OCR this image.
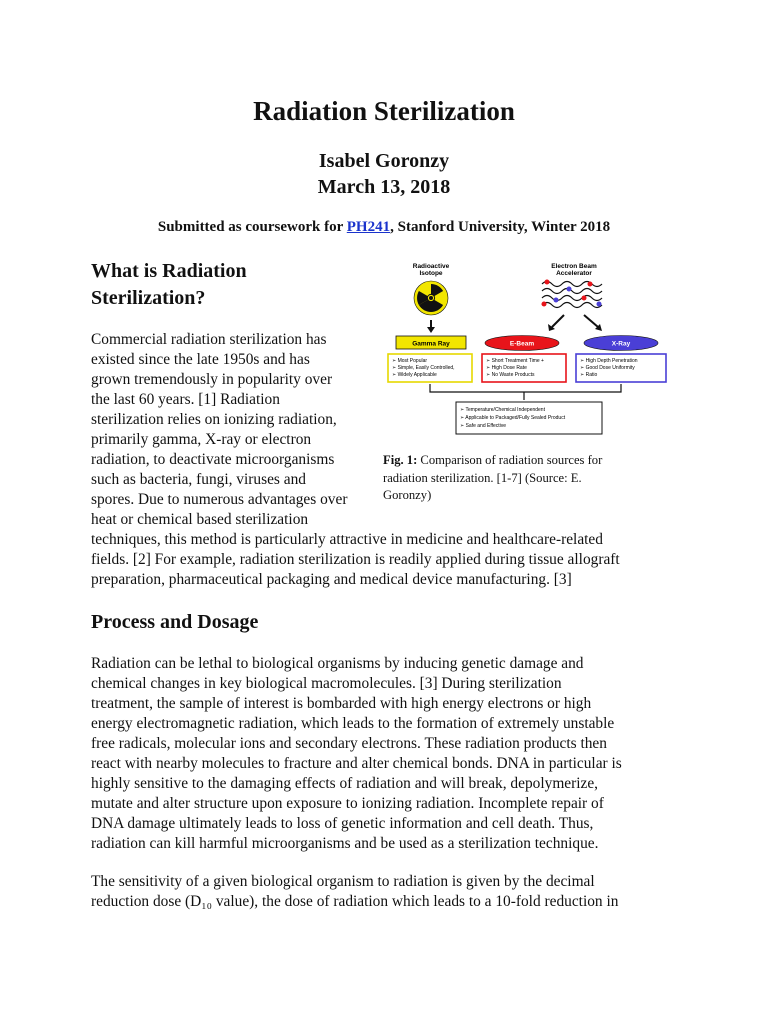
Radiation Sterilization
Isabel Goronzy
March 13, 2018
Submitted as coursework for PH241, Stanford University, Winter 2018
What is Radiation
Sterilization?
Commercial radiation sterilization has
existed since the late 1950s and has
grown tremendously in popularity over
the last 60 years. [1] Radiation
sterilization relies on ionizing radiation,
primarily gamma, X-ray or electron
radiation, to deactivate microorganisms
such as bacteria, fungi, viruses and
spores. Due to numerous advantages over
heat or chemical based sterilization
techniques, this method is particularly attractive in medicine and healthcare-related
fields. [2] For example, radiation sterilization is readily applied during tissue allograft
preparation, pharmaceutical packaging and medical device manufacturing. [3]
Radioactive
Isotope
Electron Beam
Accelerator
Gamma Ray
➢ Most Popular
➢ Simple, Easily Controlled,
➢ Widely Applicable
E-Beam
➢ Short Treatment Time +
➢ High Dose Rate
➢ No Waste Products
X-Ray
➢ High Depth Penetration
➢ Good Dose Uniformity
➢ Ratio
➢ Temperature/Chemical Independent
➢ Applicable to Packaged/Fully Sealed Product
➢ Safe and Effective
Fig. 1: Comparison of radiation sources for
radiation sterilization. [1-7] (Source: E.
Goronzy)
Process and Dosage
Radiation can be lethal to biological organisms by inducing genetic damage and
chemical changes in key biological macromolecules. [3] During sterilization
treatment, the sample of interest is bombarded with high energy electrons or high
energy electromagnetic radiation, which leads to the formation of extremely unstable
free radicals, molecular ions and secondary electrons. These radiation products then
react with nearby molecules to fracture and alter chemical bonds. DNA in particular is
highly sensitive to the damaging effects of radiation and will break, depolymerize,
mutate and alter structure upon exposure to ionizing radiation. Incomplete repair of
DNA damage ultimately leads to loss of genetic information and cell death. Thus,
radiation can kill harmful microorganisms and be used as a sterilization technique.
The sensitivity of a given biological organism to radiation is given by the decimal
reduction dose (D₁₀ value), the dose of radiation which leads to a 10-fold reduction in
